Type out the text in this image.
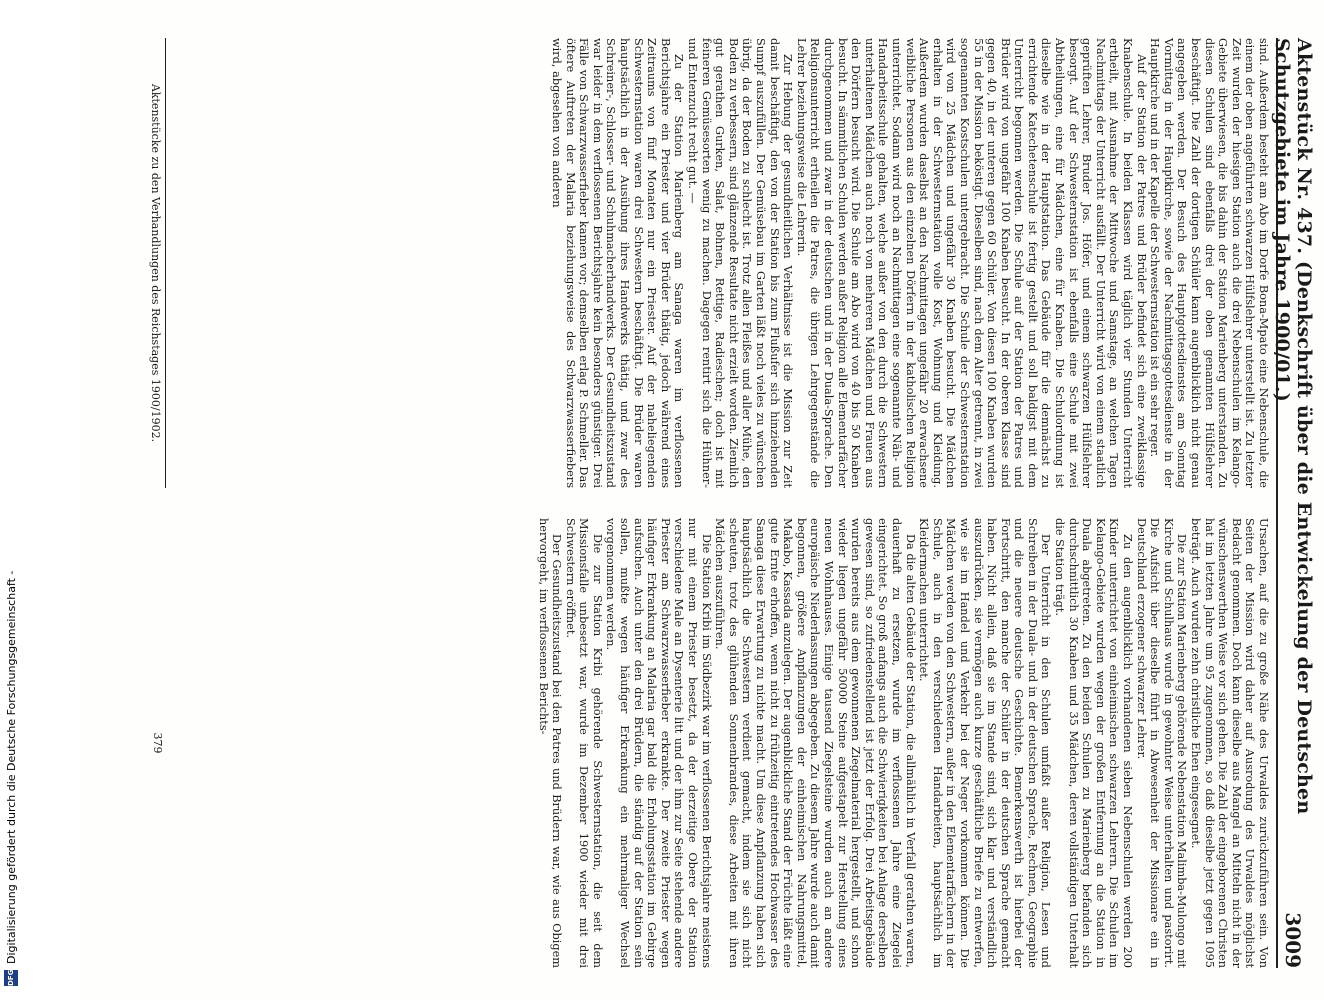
DFG
Digitalisierung gefördert durch die Deutsche Forschungsgemeinschaft -	Aktenstück Nr. 437. (Denkschrift über die Entwickelung der Deutschen Schutzgebiete im Jahre 1900/01.)
3009

sind. Außerdem besteht am Abo im Dorfe Bona-Mpato eine Nebenschule, die einem der oben angeführten schwarzen Hülfslehrer unterstellt ist. Zu letzter Zeit wurden der hiesigen Station auch die drei Nebenschulen im Kelango-Gebiete überwiesen, die bis dahin der Station Marienberg unterstanden. Zu diesen Schulen sind ebenfalls drei der oben genannten Hülfslehrer beschäftigt. Die Zahl der dortigen Schüler kann augenblicklich nicht genau angegeben werden. Der Besuch des Hauptgottesdienstes am Sonntag Vormittag in der Hauptkirche, sowie der Nachmittagsgottesdienste in der Hauptkirche und in der Kapelle der Schwesternstation ist ein sehr reger.

Auf der Station der Patres und Brüder befindet sich eine zweiklassige Knabenschule. In beiden Klassen wird täglich vier Stunden Unterricht ertheilt, mit Ausnahme der Mittwoche und Samstage, an welchen Tagen Nachmittags der Unterricht ausfällt. Der Unterricht wird von einem staatlich geprüften Lehrer, Bruder Jos. Höfer, und einem schwarzen Hülfslehrer besorgt. Auf der Schwesternstation ist ebenfalls eine Schule mit zwei Abtheilungen, eine für Mädchen, eine für Knaben. Die Schulordnung ist dieselbe wie in der Hauptstation. Das Gebäude für die demnächst zu errichtende Katechetenschule ist fertig gestellt und soll baldigst mit dem Unterricht begonnen werden. Die Schule auf der Station der Patres und Brüder wird von ungefähr 100 Knaben besucht. In der oberen Klasse sind gegen 40, in der unteren gegen 60 Schüler. Von diesen 100 Knaben wurden 55 in der Mission beköstigt. Dieselben sind, nach dem Alter getrennt, in zwei sogenannten Kostschulen untergebracht. Die Schule der Schwesternstation wird von 25 Mädchen und ungefähr 30 Knaben besucht. Die Mädchen erhalten in der Schwesternstation volle Kost, Wohnung und Kleidung. Außerdem wurden daselbst an den Nachmittagen ungefähr 20 erwachsene weibliche Personen aus den einzelnen Dörfern in der katholischen Religion unterrichtet. Sodann wird noch an Nachmittagen eine sogenannte Näh- und Handarbeitsschule gehalten, welche außer von den durch die Schwestern unterhaltenen Mädchen auch noch von mehreren Mädchen und Frauen aus den Dörfern besucht wird. Die Schule am Abo wird von 40 bis 50 Knaben besucht. In sämmtlichen Schulen werden außer Religion alle Elementarfächer durchgenommen und zwar in der deutschen und in der Duala-Sprache. Den Religionsunterricht ertheilen die Patres, die übrigen Lehrgegenstände die Lehrer beziehungsweise die Lehrerin.

Zur Hebung der gesundheitlichen Verhältnisse ist die Mission zur Zeit damit beschäftigt, den von der Station bis zum Flußufer sich hinziehenden Sumpf auszufüllen. Der Gemüsebau im Garten läßt noch vieles zu wünschen übrig, da der Boden zu schlecht ist. Trotz allen Fleißes und aller Mühe, den Boden zu verbessern, sind glänzende Resultate nicht erzielt worden. Ziemlich gut gerathen Gurken, Salat, Bohnen, Rettige, Radieschen; doch ist mit feineren Gemüsesorten wenig zu machen. Dagegen rentirt sich die Hühner- und Entenzucht recht gut. —

Zu der Station Marienberg am Sanaga waren im verflossenen Berichtsjahre ein Priester und vier Brüder thätig, jedoch während eines Zeitraums von fünf Monaten nur ein Priester. Auf der naheliegenden Schwesternstation waren drei Schwestern beschäftigt. Die Brüder waren hauptsächlich in der Ausübung ihres Handwerks thätig, und zwar des Schreiner-, Schlosser- und Schuhmacherhandwerks. Der Gesundheitszustand war leider in dem verflossenen Berichtsjahre kein besonders günstiger. Drei Fälle von Schwarzwasserfieber kamen vor; demselben erlag P. Schmeller. Das öftere Auftreten der Malaria beziehungsweise des Schwarzwasserfiebers wird, abgesehen von anderen

Ursachen, auf die zu große Nähe des Urwaldes zurückzuführen sein. Von Seiten der Mission wird daher auf Ausrodung des Urwaldes möglichst Bedacht genommen. Doch kann dieselbe aus Mangel an Mitteln nicht in der wünschenswerthen Weise vor sich gehen. Die Zahl der eingeborenen Christen hat im letzten Jahre um 95 zugenommen, so daß dieselbe jetzt gegen 1095 beträgt. Auch wurden zehn christliche Ehen eingesegnet.

Die zur Station Marienberg gehörende Nebenstation Malimba-Mulongo mit Kirche und Schulhaus wurde in gewohnter Weise unterhalten und pastorirt. Die Aufsicht über dieselbe führt in Abwesenheit der Missionare ein in Deutschland erzogener schwarzer Lehrer.

Zu den augenblicklich vorhandenen sieben Nebenschulen werden 200 Kinder unterrichtet von einheimischen schwarzen Lehrern. Die Schulen im Kelango-Gebiete wurden wegen der großen Entfernung an die Station in Duala abgetreten. Zu den beiden Schulen zu Marienberg befanden sich durchschnittlich 30 Knaben und 35 Mädchen, deren vollständigen Unterhalt die Station trägt.

Der Unterricht in den Schulen umfaßt außer Religion, Lesen und Schreiben in der Duala- und in der deutschen Sprache, Rechnen, Geographie und die neuere deutsche Geschichte. Bemerkenswerth ist hierbei der Fortschritt, den manche der Schüler in der deutschen Sprache gemacht haben. Nicht allein, daß sie im Stande sind, sich klar und verständlich auszudrücken, sie vermögen auch kurze geschäftliche Briefe zu entwerfen, wie sie im Handel und Verkehr bei der Neger vorkommen können. Die Mädchen werden von den Schwestern, außer in den Elementarfächern in der Schule, auch in den verschiedenen Handarbeiten, hauptsächlich im Kleidermachen unterrichtet.

Da die alten Gebäude der Station, die allmählich in Verfall gerathen waren, dauerhaft zu ersetzen, wurde im verflossenen Jahre eine Ziegelei eingerichtet. So groß anfangs auch die Schwierigkeiten bei Anlage derselben gewesen sind, so zufriedenstellend ist jetzt der Erfolg. Drei Arbeitsgebäude wurden bereits aus dem gewonnenen Ziegelmaterial hergestellt, und schon wieder liegen ungefähr 50000 Steine aufgestapelt zur Herstellung eines neuen Wohnhauses. Einige tausend Ziegelsteine wurden auch an andere europäische Niederlassungen abgegeben. Zu diesem Jahre wurde auch damit begonnen, größere Anpflanzungen der einheimischen Nahrungsmittel, Makabo, Kassada anzulegen. Der augenblickliche Stand der Früchte läßt eine gute Ernte erhoffen, wenn nicht zu frühzeitig eintretendes Hochwasser des Sanaga diese Erwartung zu nichte macht. Um diese Anpflanzung haben sich hauptsächlich die Schwestern verdient gemacht, indem sie sich nicht scheuten, trotz des glühenden Sonnenbrandes, diese Arbeiten mit ihren Mädchen auszuführen.

Die Station Kribi im Südbezirk war im verflossenen Berichtsjahre meistens nur mit einem Priester besetzt, da der derzeitige Obere der Station verschiedene Male an Dysenterie litt und der ihm zur Seite stehende andere Priester am Schwarzwasserfieber erkrankte. Der zweite Priester wegen häufiger Erkrankung an Malaria gar bald die Erholungsstation im Gebirge aufsuchen. Auch unter den drei Brüdern, die ständig auf der Station sein sollen, mußte wegen häufiger Erkrankung ein mehrmaliger Wechsel vorgenommen werden.

Die zur Station Kribi gehörende Schwesternstation, die seit dem Missionsfalle unbesetzt war, wurde im Dezember 1900 wieder mit drei Schwestern eröffnet.

Der Gesundheitszustand bei den Patres und Brüdern war, wie aus Obigem hervorgeht, im verflossenen Berichts-

Aktenstücke zu den Verhandlungen des Reichstages 1900/1902.
379
